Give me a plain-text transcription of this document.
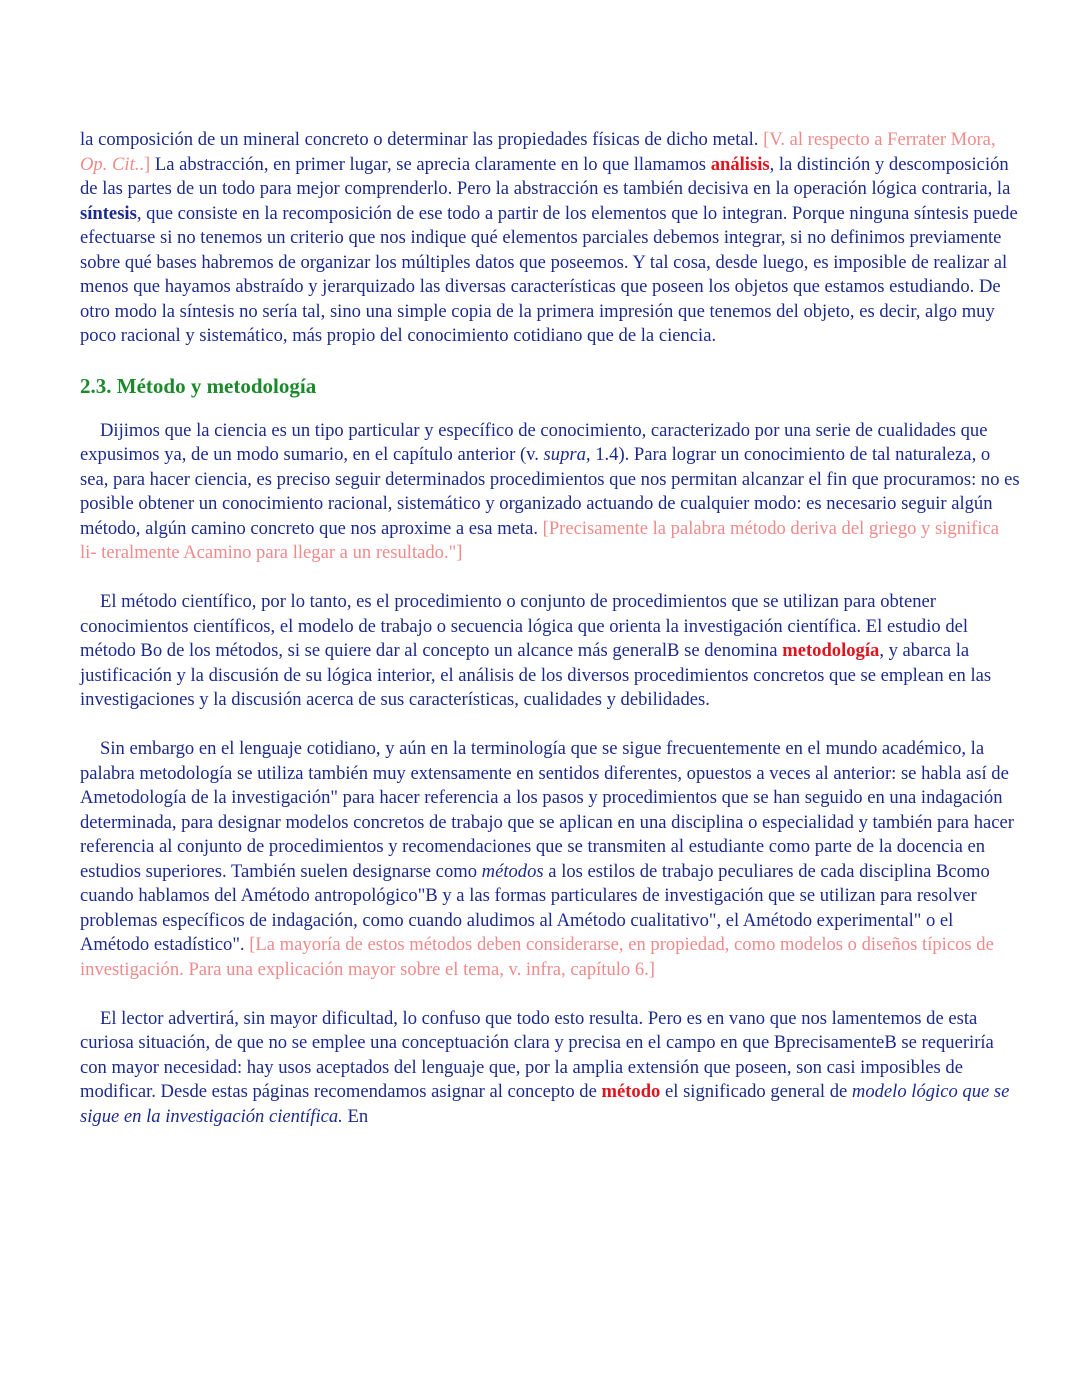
la composición de un mineral concreto o determinar las propiedades físicas de dicho metal. [V. al respecto a Ferrater Mora, Op. Cit..] La abstracción, en primer lugar, se aprecia claramente en lo que llamamos análisis, la distinción y descomposición de las partes de un todo para mejor comprenderlo. Pero la abstracción es también decisiva en la operación lógica contraria, la síntesis, que consiste en la recomposición de ese todo a partir de los elementos que lo integran. Porque ninguna síntesis puede efectuarse si no tenemos un criterio que nos indique qué elementos parciales debemos integrar, si no definimos previamente sobre qué bases habremos de organizar los múltiples datos que poseemos. Y tal cosa, desde luego, es imposible de realizar al menos que hayamos abstraído y jerarquizado las diversas características que poseen los objetos que estamos estudiando. De otro modo la síntesis no sería tal, sino una simple copia de la primera impresión que tenemos del objeto, es decir, algo muy poco racional y sistemático, más propio del conocimiento cotidiano que de la ciencia.

2.3. Método y metodología

Dijimos que la ciencia es un tipo particular y específico de conocimiento, caracterizado por una serie de cualidades que expusimos ya, de un modo sumario, en el capítulo anterior (v. supra, 1.4). Para lograr un conocimiento de tal naturaleza, o sea, para hacer ciencia, es preciso seguir determinados procedimientos que nos permitan alcanzar el fin que procuramos: no es posible obtener un conocimiento racional, sistemático y organizado actuando de cualquier modo: es necesario seguir algún método, algún camino concreto que nos aproxime a esa meta. [Precisamente la palabra método deriva del griego y significa li- teralmente Acamino para llegar a un resultado."]

El método científico, por lo tanto, es el procedimiento o conjunto de procedimientos que se utilizan para obtener conocimientos científicos, el modelo de trabajo o secuencia lógica que orienta la investigación científica. El estudio del método Bo de los métodos, si se quiere dar al concepto un alcance más generalB se denomina metodología, y abarca la justificación y la discusión de su lógica interior, el análisis de los diversos procedimientos concretos que se emplean en las investigaciones y la discusión acerca de sus características, cualidades y debilidades.

Sin embargo en el lenguaje cotidiano, y aún en la terminología que se sigue frecuentemente en el mundo académico, la palabra metodología se utiliza también muy extensamente en sentidos diferentes, opuestos a veces al anterior: se habla así de Ametodología de la investigación" para hacer referencia a los pasos y procedimientos que se han seguido en una indagación determinada, para designar modelos concretos de trabajo que se aplican en una disciplina o especialidad y también para hacer referencia al conjunto de procedimientos y recomendaciones que se transmiten al estudiante como parte de la docencia en estudios superiores. También suelen designarse como métodos a los estilos de trabajo peculiares de cada disciplina Bcomo cuando hablamos del Amétodo antropológico"B y a las formas particulares de investigación que se utilizan para resolver problemas específicos de indagación, como cuando aludimos al Amétodo cualitativo", el Amétodo experimental" o el Amétodo estadístico". [La mayoría de estos métodos deben considerarse, en propiedad, como modelos o diseños típicos de investigación. Para una explicación mayor sobre el tema, v. infra, capítulo 6.]

El lector advertirá, sin mayor dificultad, lo confuso que todo esto resulta. Pero es en vano que nos lamentemos de esta curiosa situación, de que no se emplee una conceptuación clara y precisa en el campo en que BprecisamenteB se requeriría con mayor necesidad: hay usos aceptados del lenguaje que, por la amplia extensión que poseen, son casi imposibles de modificar. Desde estas páginas recomendamos asignar al concepto de método el significado general de modelo lógico que se sigue en la investigación científica. En
